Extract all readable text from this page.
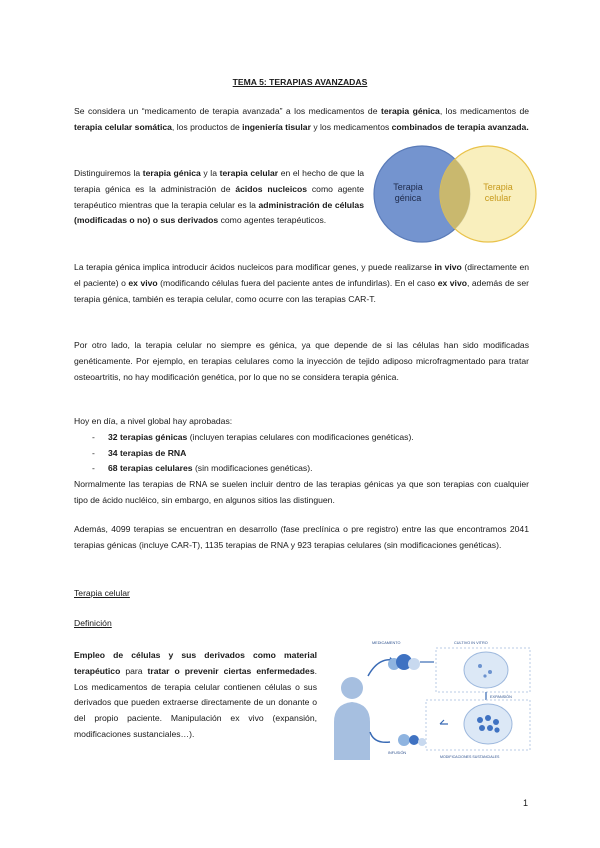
TEMA 5: TERAPIAS AVANZADAS
Se considera un “medicamento de terapia avanzada” a los medicamentos de terapia génica, los medicamentos de terapia celular somática, los productos de ingeniería tisular y los medicamentos combinados de terapia avanzada.
Distinguiremos la terapia génica y la terapia celular en el hecho de que la terapia génica es la administración de ácidos nucleicos como agente terapéutico mientras que la terapia celular es la administración de células (modificadas o no) o sus derivados como agentes terapéuticos.
Terapia
génica
Terapia
celular
La terapia génica implica introducir ácidos nucleicos para modificar genes, y puede realizarse in vivo (directamente en el paciente) o ex vivo (modificando células fuera del paciente antes de infundirlas). En el caso ex vivo, además de ser terapia génica, también es terapia celular, como ocurre con las terapias CAR-T.
Por otro lado, la terapia celular no siempre es génica, ya que depende de si las células han sido modificadas genéticamente. Por ejemplo, en terapias celulares como la inyección de tejido adiposo microfragmentado para tratar osteoartritis, no hay modificación genética, por lo que no se considera terapia génica.
Hoy en día, a nivel global hay aprobadas:
- 32 terapias génicas (incluyen terapias celulares con modificaciones genéticas).
- 34 terapias de RNA
- 68 terapias celulares (sin modificaciones genéticas).
Normalmente las terapias de RNA se suelen incluir dentro de las terapias génicas ya que son terapias con cualquier tipo de ácido nucléico, sin embargo, en algunos sitios las distinguen.
Además, 4099 terapias se encuentran en desarrollo (fase preclínica o pre registro) entre las que encontramos 2041 terapias génicas (incluye CAR-T), 1135 terapias de RNA y 923 terapias celulares (sin modificaciones genéticas).
Terapia celular
Definición
Empleo de células y sus derivados como material terapéutico para tratar o prevenir ciertas enfermedades. Los medicamentos de terapia celular contienen células o sus derivados que pueden extraerse directamente de un donante o del propio paciente. Manipulación ex vivo (expansión, modificaciones sustanciales…).
MEDICAMENTO	CULTIVO IN VITRO
EXPANSIÓN
INFUSIÓN
MODIFICACIONES SUSTANCIALES
1
